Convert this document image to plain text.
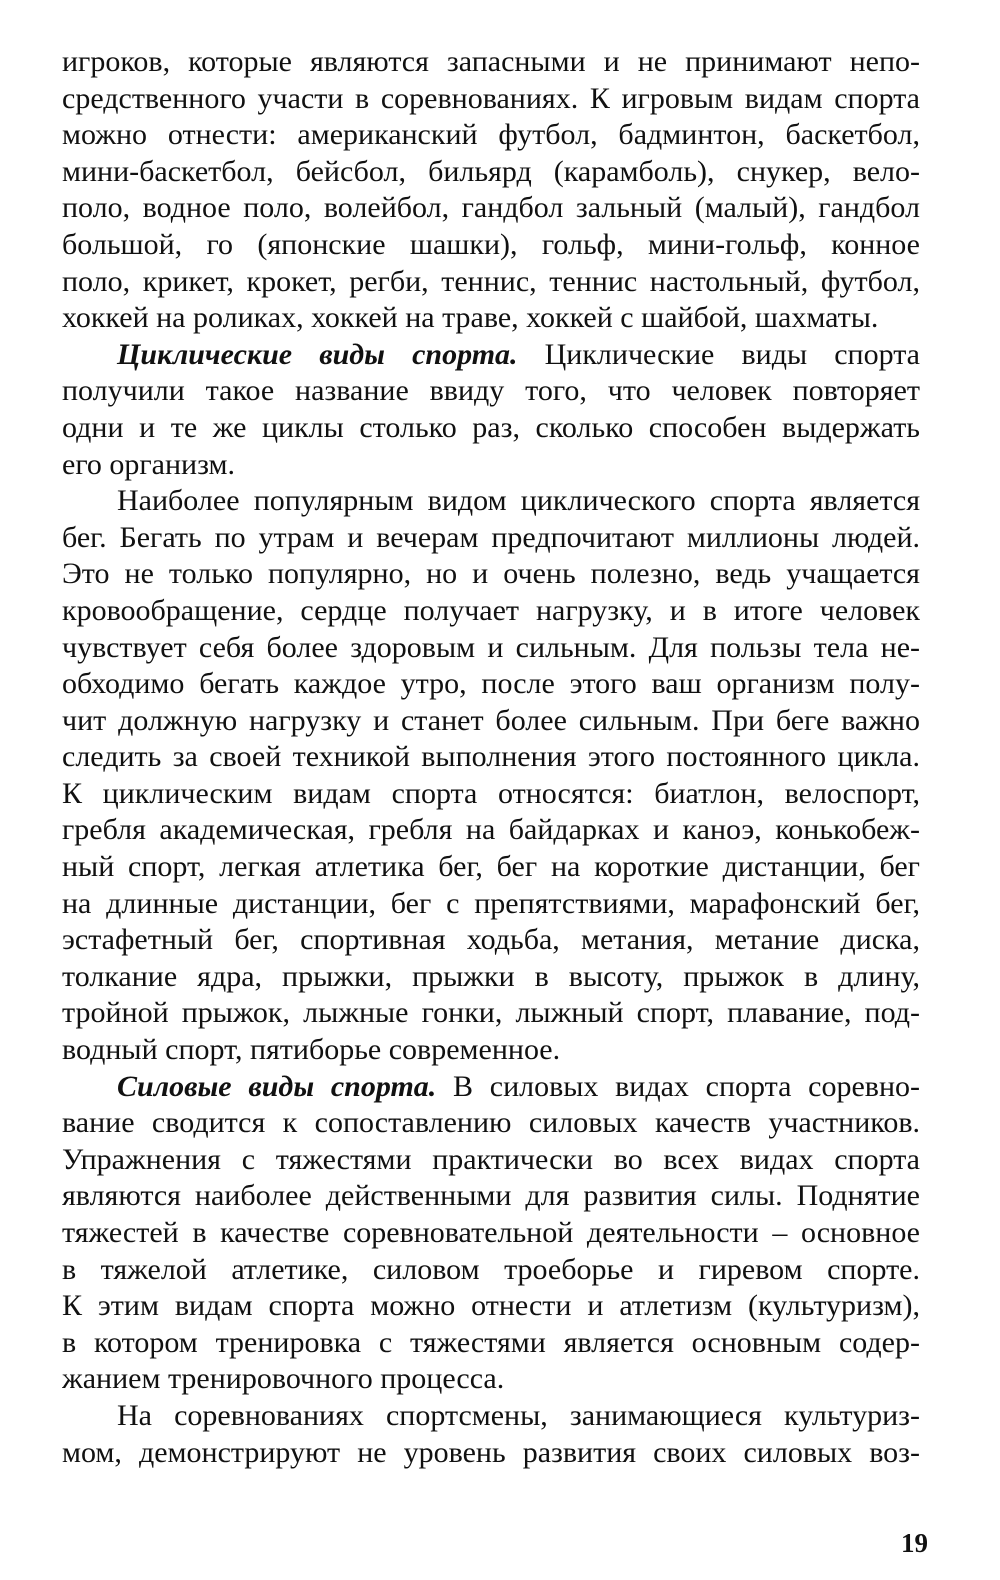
игроков, которые являются запасными и не принимают непо-
средственного участи в соревнованиях. К игровым видам спорта
можно отнести: американский футбол, бадминтон, баскетбол,
мини-баскетбол, бейсбол, бильярд (карамболь), снукер, вело-
поло, водное поло, волейбол, гандбол зальный (малый), гандбол
большой, го (японские шашки), гольф, мини-гольф, конное
поло, крикет, крокет, регби, теннис, теннис настольный, футбол,
хоккей на роликах, хоккей на траве, хоккей с шайбой, шахматы.
Циклические виды спорта. Циклические виды спорта
получили такое название ввиду того, что человек повторяет
одни и те же циклы столько раз, сколько способен выдержать
его организм.
Наиболее популярным видом циклического спорта является
бег. Бегать по утрам и вечерам предпочитают миллионы людей.
Это не только популярно, но и очень полезно, ведь учащается
кровообращение, сердце получает нагрузку, и в итоге человек
чувствует себя более здоровым и сильным. Для пользы тела не-
обходимо бегать каждое утро, после этого ваш организм полу-
чит должную нагрузку и станет более сильным. При беге важно
следить за своей техникой выполнения этого постоянного цикла.
К циклическим видам спорта относятся: биатлон, велоспорт,
гребля академическая, гребля на байдарках и каноэ, конькобеж-
ный спорт, легкая атлетика бег, бег на короткие дистанции, бег
на длинные дистанции, бег с препятствиями, марафонский бег,
эстафетный бег, спортивная ходьба, метания, метание диска,
толкание ядра, прыжки, прыжки в высоту, прыжок в длину,
тройной прыжок, лыжные гонки, лыжный спорт, плавание, под-
водный спорт, пятиборье современное.
Силовые виды спорта. В силовых видах спорта соревно-
вание сводится к сопоставлению силовых качеств участников.
Упражнения с тяжестями практически во всех видах спорта
являются наиболее действенными для развития силы. Поднятие
тяжестей в качестве соревновательной деятельности – основное
в тяжелой атлетике, силовом троеборье и гиревом спорте.
К этим видам спорта можно отнести и атлетизм (культуризм),
в котором тренировка с тяжестями является основным содер-
жанием тренировочного процесса.
На соревнованиях спортсмены, занимающиеся культуриз-
мом, демонстрируют не уровень развития своих силовых воз-
19
